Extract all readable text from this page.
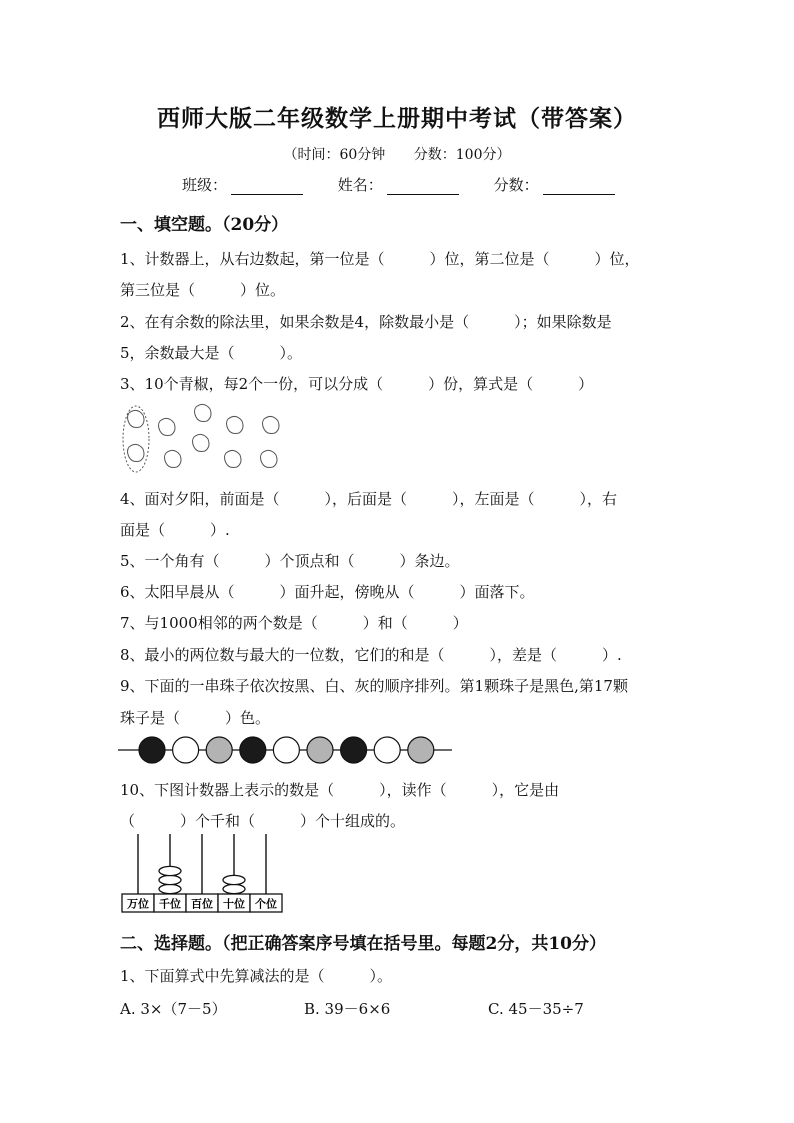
西师大版二年级数学上册期中考试（带答案）
（时间：60分钟 分数：100分）
班级：	姓名：	分数：
一、填空题。（20分）
1、计数器上，从右边数起，第一位是（　　　）位，第二位是（　　　）位，
第三位是（　　　）位。
2、在有余数的除法里，如果余数是4，除数最小是（　　　）；如果除数是
5，余数最大是（　　　）。
3、10个青椒，每2个一份，可以分成（　　　）份，算式是（　　　）
4、面对夕阳，前面是（　　　），后面是（　　　），左面是（　　　），右
面是（　　　）.
5、一个角有（　　　）个顶点和（　　　）条边。
6、太阳早晨从（　　　）面升起，傍晚从（　　　）面落下。
7、与1000相邻的两个数是（　　　）和（　　　）
8、最小的两位数与最大的一位数，它们的和是（　　　），差是（　　　）.
9、下面的一串珠子依次按黑、白、灰的顺序排列。第1颗珠子是黑色,第17颗
珠子是（　　　）色。
10、下图计数器上表示的数是（　　　），读作（　　　），它是由
（　　　）个千和（　　　）个十组成的。
万位 千位 百位 十位 个位
二、选择题。（把正确答案序号填在括号里。每题2分，共10分）
1、下面算式中先算减法的是（　　　）。
A. 3×（7－5）	B. 39－6×6	C. 45－35÷7
